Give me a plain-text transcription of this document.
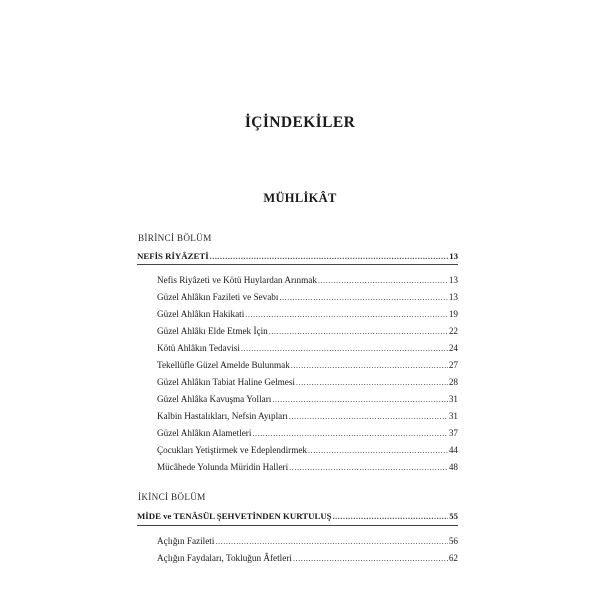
İÇİNDEKİLER
MÜHLİKÂT
BİRİNCİ BÖLÜM
NEFİS RİYÂZETİ .....	13
Nefis Riyâzeti ve Kötü Huylardan Arınmak .....	13
Güzel Ahlâkın Fazileti ve Sevabı .....	13
Güzel Ahlâkın Hakikati .....	19
Güzel Ahlâkı Elde Etmek İçin .....	22
Kötü Ahlâkın Tedavisi .....	24
Tekellüfle Güzel Amelde Bulunmak .....	27
Güzel Ahlâkın Tabiat Haline Gelmesi .....	28
Güzel Ahlâka Kavuşma Yolları .....	31
Kalbin Hastalıkları, Nefsin Ayıpları .....	31
Güzel Ahlâkın Alametleri .....	37
Çocukları Yetiştirmek ve Edeplendirmek .....	44
Mücâhede Yolunda Müridin Halleri .....	48
İKİNCİ BÖLÜM
MİDE ve TENÂSÜL ŞEHVETİNDEN KURTULUŞ .....	55
Açlığın Fazileti .....	56
Açlığın Faydaları, Tokluğun Âfetleri .....	62
